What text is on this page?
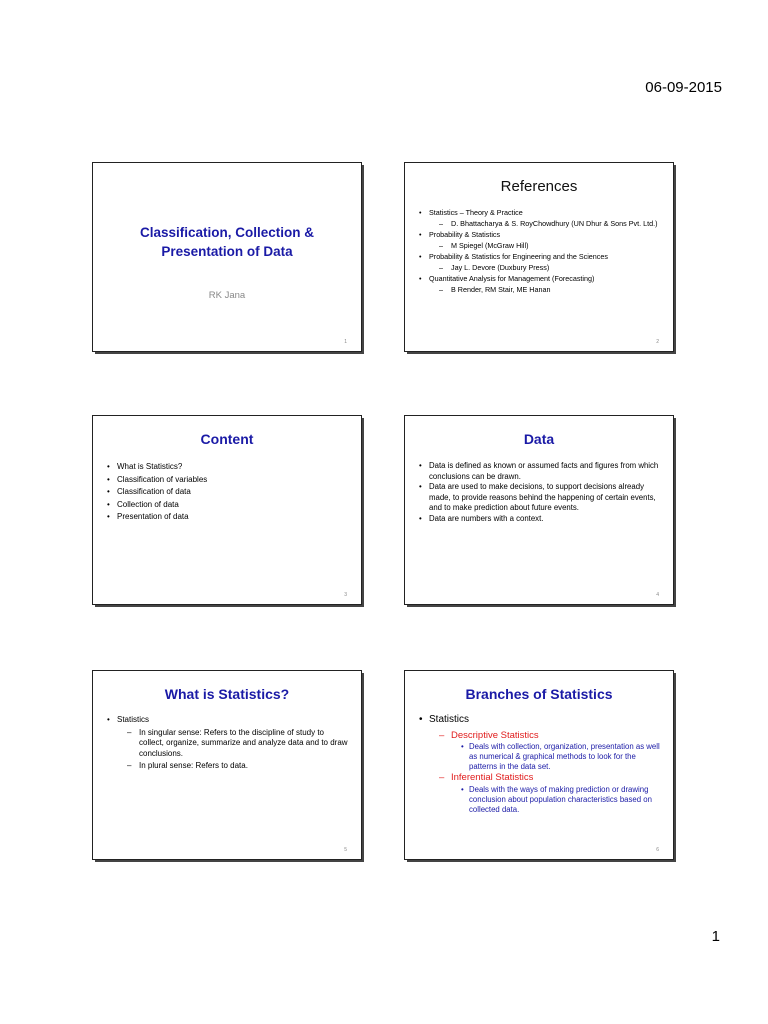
06-09-2015
Classification, Collection &
Presentation of Data
RK Jana
1
References
• Statistics – Theory & Practice
– D. Bhattacharya & S. RoyChowdhury (UN Dhur & Sons Pvt. Ltd.)
• Probability & Statistics
– M Spiegel (McGraw Hill)
• Probability & Statistics for Engineering and the Sciences
– Jay L. Devore (Duxbury Press)
• Quantitative Analysis for Management (Forecasting)
– B Render, RM Stair, ME Hanan
2
Content
• What is Statistics?
• Classification of variables
• Classification of data
• Collection of data
• Presentation of data
3
Data
• Data is defined as known or assumed facts and figures from which conclusions can be drawn.
• Data are used to make decisions, to support decisions already made, to provide reasons behind the happening of certain events, and to make prediction about future events.
• Data are numbers with a context.
4
What is Statistics?
• Statistics
– In singular sense: Refers to the discipline of study to collect, organize, summarize and analyze data and to draw conclusions.
– In plural sense: Refers to data.
5
Branches of Statistics
• Statistics
– Descriptive Statistics
• Deals with collection, organization, presentation as well as numerical & graphical methods to look for the patterns in the data set.
– Inferential Statistics
• Deals with the ways of making prediction or drawing conclusion about population characteristics based on collected data.
6
1
